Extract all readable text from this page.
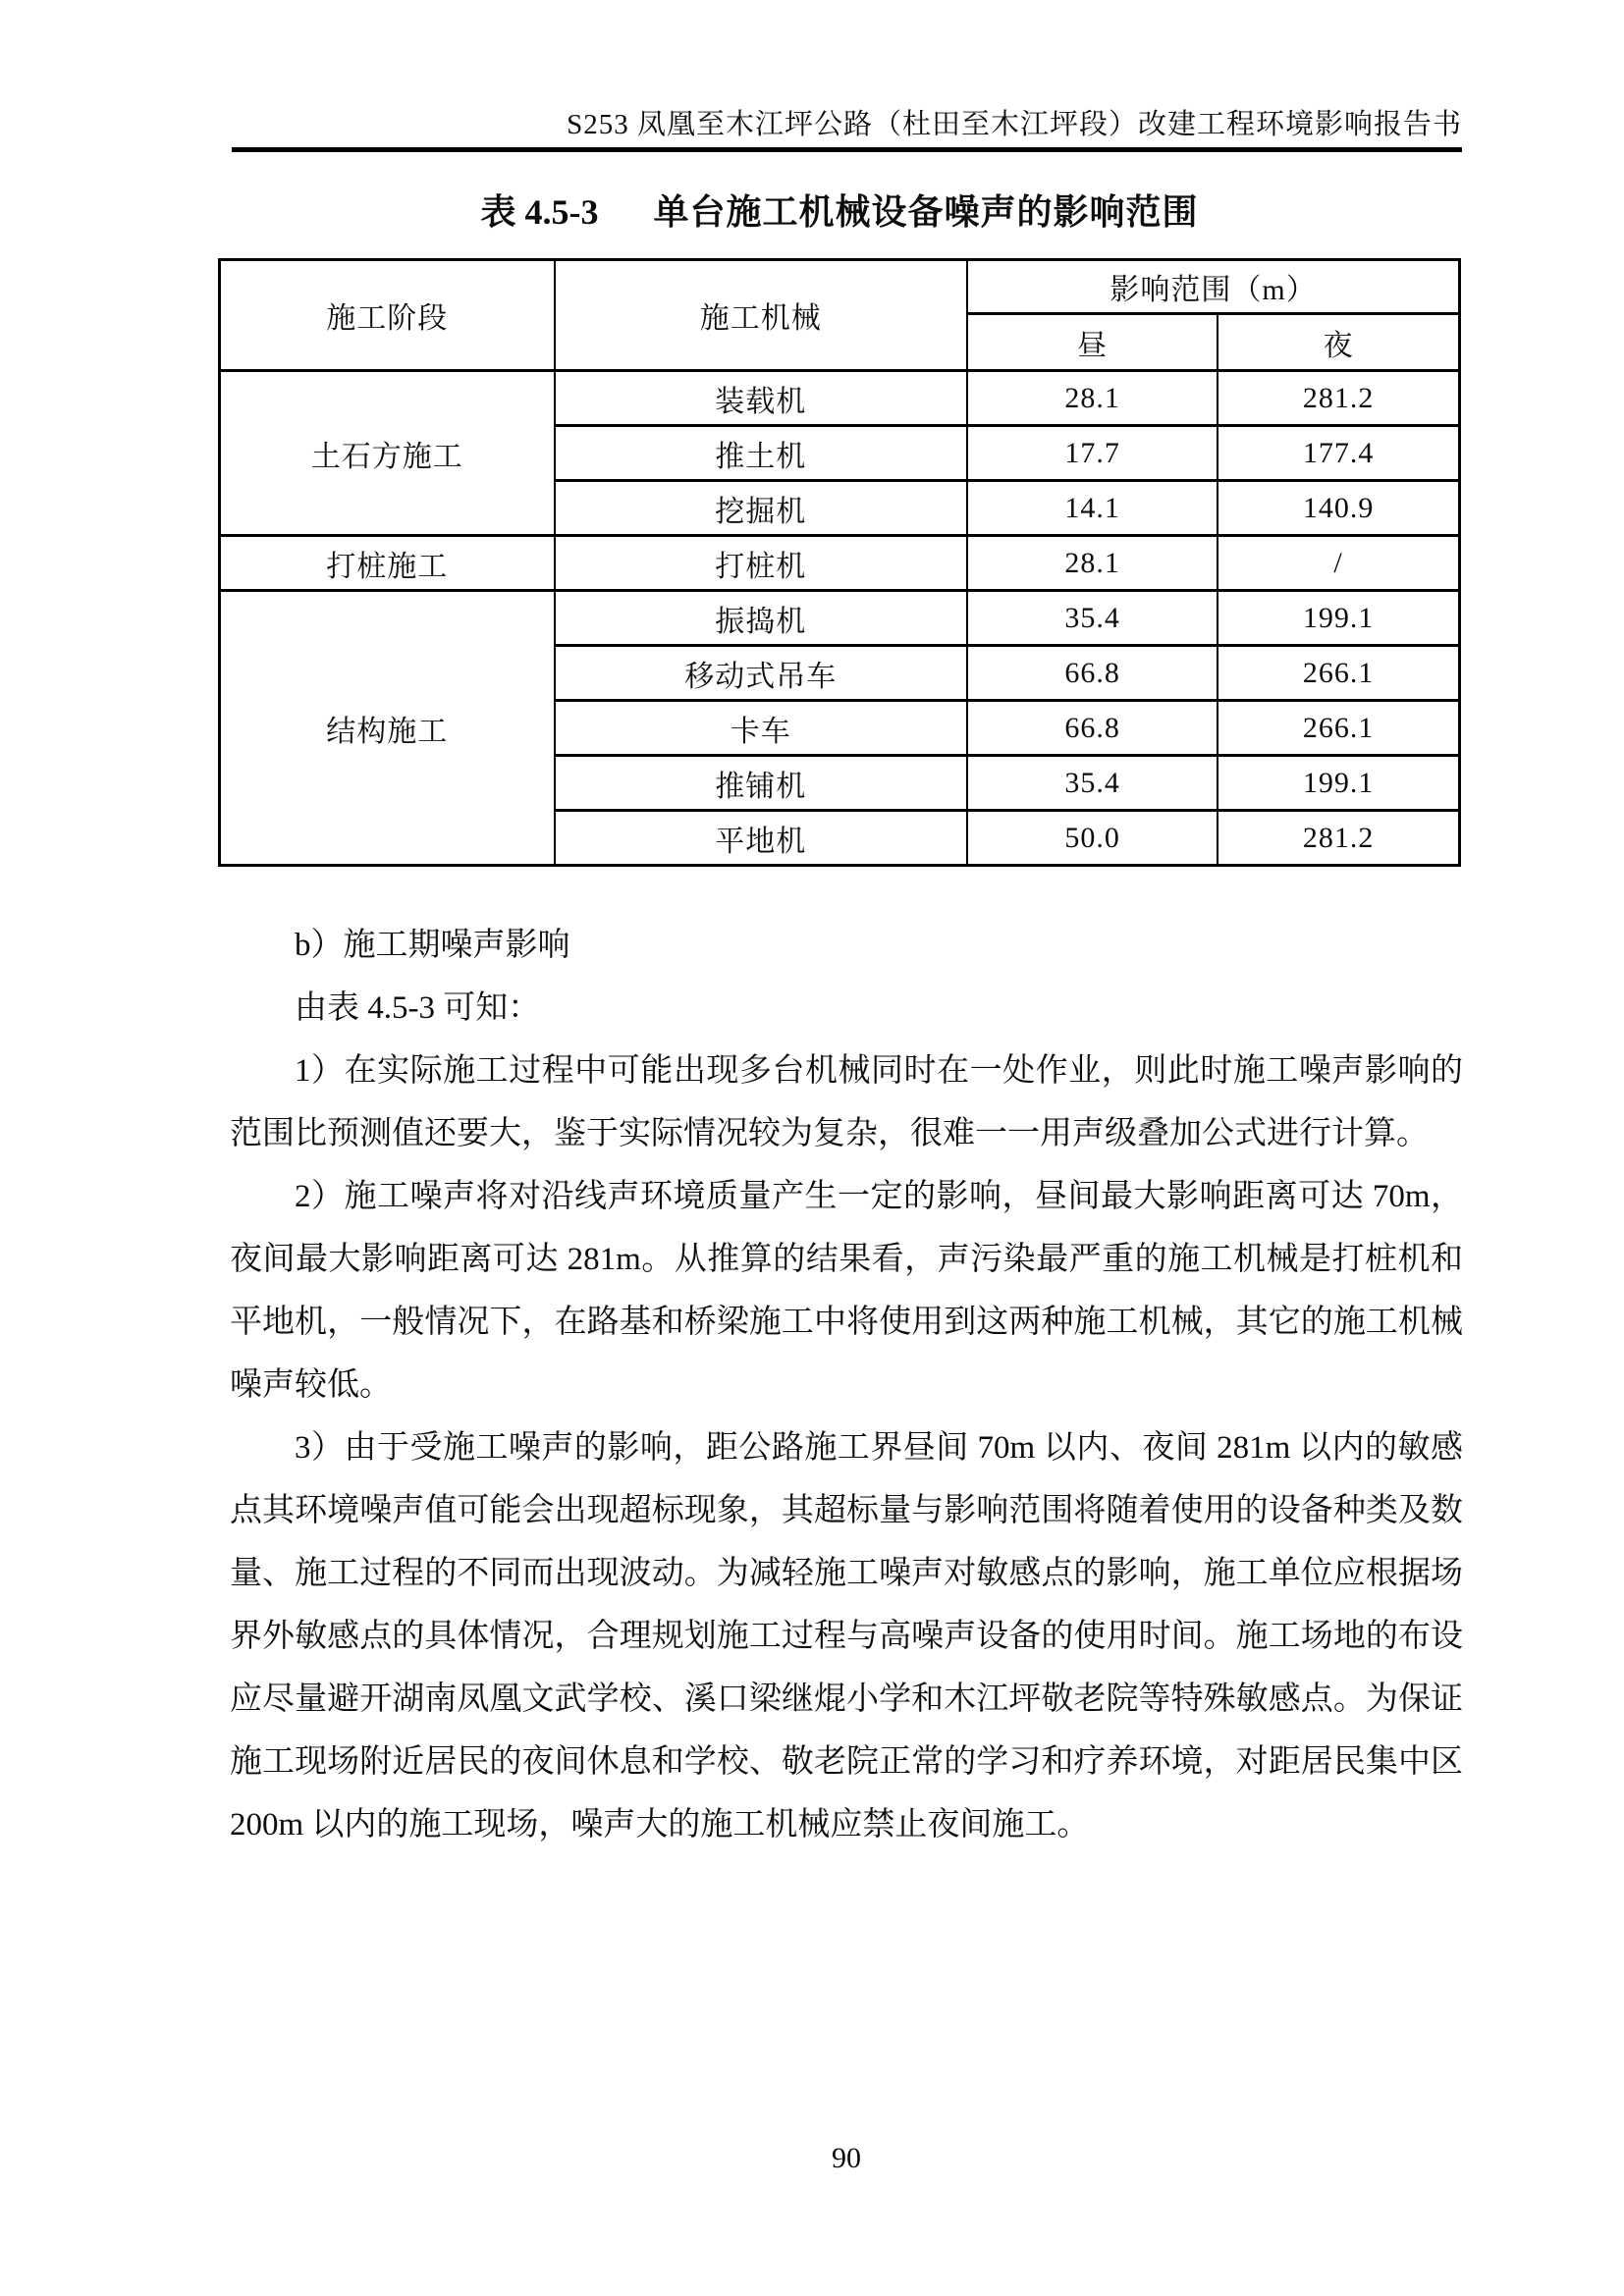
S253 凤凰至木江坪公路（杜田至木江坪段）改建工程环境影响报告书
表 4.5-3 单台施工机械设备噪声的影响范围
施工阶段	施工机械	影响范围（m）	
		昼	夜
土石方施工	装载机	28.1	281.2
	推土机	17.7	177.4
	挖掘机	14.1	140.9
打桩施工	打桩机	28.1	/
结构施工	振捣机	35.4	199.1
	移动式吊车	66.8	266.1
	卡车	66.8	266.1
	推铺机	35.4	199.1
	平地机	50.0	281.2

b）施工期噪声影响

由表 4.5-3 可知：

1）在实际施工过程中可能出现多台机械同时在一处作业，则此时施工噪声影响的范围比预测值还要大，鉴于实际情况较为复杂，很难一一用声级叠加公式进行计算。

2）施工噪声将对沿线声环境质量产生一定的影响，昼间最大影响距离可达 70m，夜间最大影响距离可达 281m。从推算的结果看，声污染最严重的施工机械是打桩机和平地机，一般情况下，在路基和桥梁施工中将使用到这两种施工机械，其它的施工机械噪声较低。

3）由于受施工噪声的影响，距公路施工界昼间 70m 以内、夜间 281m 以内的敏感点其环境噪声值可能会出现超标现象，其超标量与影响范围将随着使用的设备种类及数量、施工过程的不同而出现波动。为减轻施工噪声对敏感点的影响，施工单位应根据场界外敏感点的具体情况，合理规划施工过程与高噪声设备的使用时间。施工场地的布设应尽量避开湖南凤凰文武学校、溪口梁继焜小学和木江坪敬老院等特殊敏感点。为保证施工现场附近居民的夜间休息和学校、敬老院正常的学习和疗养环境，对距居民集中区 200m 以内的施工现场，噪声大的施工机械应禁止夜间施工。

90
